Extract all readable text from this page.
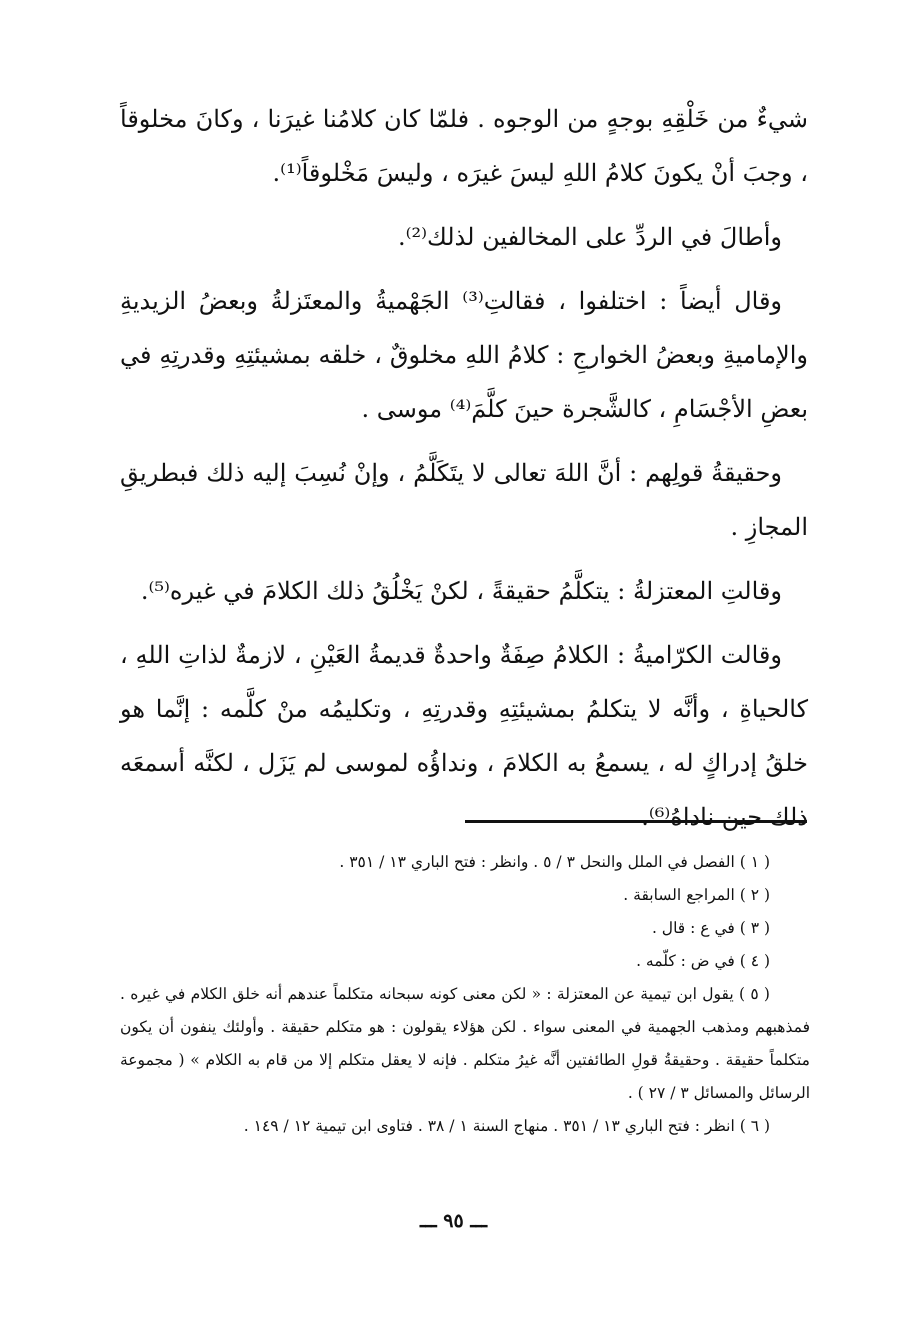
شيءٌ من خَلْقِهِ بوجهٍ من الوجوه . فلمّا كان كلامُنا غيرَنا ، وكانَ مخلوقاً ، وجبَ أنْ يكونَ كلامُ اللهِ ليسَ غيرَه ، وليسَ مَخْلوقاً⁽¹⁾.

وأطالَ في الردِّ على المخالفين لذلك⁽²⁾.

وقال أيضاً : اختلفوا ، فقالتِ⁽³⁾ الجَهْميةُ والمعتَزلةُ وبعضُ الزيديةِ والإماميةِ وبعضُ الخوارجِ : كلامُ اللهِ مخلوقٌ ، خلقه بمشيئتِهِ وقدرتِهِ في بعضِ الأجْسَامِ ، كالشَّجرة حينَ كلَّمَ⁽⁴⁾ موسى .

وحقيقةُ قولِهم : أنَّ اللهَ تعالى لا يتَكَلَّمُ ، وإنْ نُسِبَ إليه ذلك فبطريقِ المجازِ .

وقالتِ المعتزلةُ : يتكلَّمُ حقيقةً ، لكنْ يَخْلُقُ ذلك الكلامَ في غيره⁽⁵⁾.

وقالت الكرّاميةُ : الكلامُ صِفَةٌ واحدةٌ قديمةُ العَيْنِ ، لازمةٌ لذاتِ اللهِ ، كالحياةِ ، وأنَّه لا يتكلمُ بمشيئتِهِ وقدرتِهِ ، وتكليمُه منْ كلَّمه : إنَّما هو خلقُ إدراكٍ له ، يسمعُ به الكلامَ ، ونداؤُه لموسى لم يَزَل ، لكنَّه أسمعَه ذلك حين ناداهُ⁽⁶⁾.

( ١ ) الفصل في الملل والنحل ٣ / ٥ . وانظر : فتح الباري ١٣ / ٣٥١ .

( ٢ ) المراجع السابقة .

( ٣ ) في ع : قال .

( ٤ ) في ض : كلّمه .

( ٥ ) يقول ابن تيمية عن المعتزلة : « لكن معنى كونه سبحانه متكلماً عندهم أنه خلق الكلام في غيره . فمذهبهم ومذهب الجهمية في المعنى سواء . لكن هؤلاء يقولون : هو متكلم حقيقة . وأولئك ينفون أن يكون متكلماً حقيقة . وحقيقةُ قولِ الطائفتين أنَّه غيرُ متكلم . فإنه لا يعقل متكلم إلا من قام به الكلام » ( مجموعة الرسائل والمسائل ٣ / ٢٧ ) .

( ٦ ) انظر : فتح الباري ١٣ / ٣٥١ . منهاج السنة ١ / ٣٨ . فتاوى ابن تيمية ١٢ / ١٤٩ .

ـــ ٩٥ ـــ
